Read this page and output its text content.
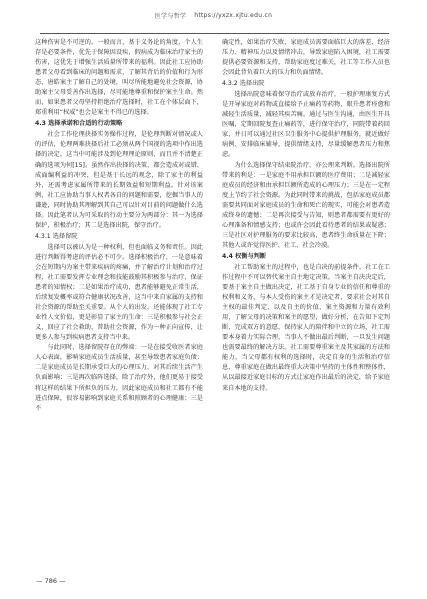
医学与哲学 https://yxzx.xjtu.edu.cn

这种伤害是不可逆的。一般而言，基于义务论的角度，个人生存是必要条件，优先于保障因设疾，假病成为临床治疗家主的伤害，这优先于增强生活质量所带来的福利。因此社工应协助患者父母看到临床的问题和需求，了解其背后的价值和行为形态，唐皓案主了解自己的处境，叫尽所能地避免社会资源，协助案主父母妥善作出选择，尽可能地尊重和保护案主生命。然而，如果患者父母坚持拒绝治疗选择时，社工在个体层面下，郑重利用“权威”也会是案主不得已的选择。

4.3 选择承诺和合适的行动策略

社会工作伦理抉择实务操作过程，是伦理判断对情况或人的评估，伦理两难抉择后社工必须从两个国视的选项中作出选择的决定。这当中可能涉及到伦理理论原则，而且并不清楚正确的选项为何[15]。虽然作出抉择的决策，都会造成对或错、成面编利益的冲突，但是基于长远的观念，除了家主的利益外，还需考虑家属所带来的长期效益和短期利益。针对该案例，社工应协助当事人权者各自的问题和需要，挖掘当事人的谦逊，同时协助其理解到其自己可以针对目前的问题做什么选择。因此笔者认为可采取的行动主要分为两部分：其一为选择保护，积极治疗；其二是选择出院，保守治疗。

4.3.1 选择留院

选择可以被认为是一种权利，但也面临义务和责任。因此进行判断得考虑的评估必不可少。选择积极治疗，一是意味着会在短期内为案主带来疾病的疼痛，并了解治疗计划和治疗过程，社工需要发挥专业理念和技能鼓励其积极参与治疗，保证患者的知情权；二是如果治疗成功，患者能够避免正常生活，后续复发概率或符合健康状况改善，这当中来自家属的支持和社会资源的帮助至关重要。从个人的出发，还能体现了社工专业性人文价值，更是彰显了家主的生命：三是积极参与社会正义，回应了社会救助、普助社会资源，作为一种正向宣传，让更多人参与到疾病患者支持当中来。

与此同时，选择留院存在的弊端：一是在接受收医者家庭人心表面，影响家庭成员生活质量，甚至导致患者家庭负债；二是家庭成员是长期承受巨大的心理压力，对其后续生活产生负面影响；三是再次临阵选择，除了治疗外，他们更易于接受将这样的结果下所担负的压力，因此家庭成员和社工都有不能进点保障，很容易影响到家庭关系和照顾者的心理健康；三是不

确定性，如果治疗失败，家庭成员需要面临巨大的落差、经济压力、精神压力以及情绪冲击，导致家庭陷入困境，社工需要提供必要资源和支持，帮助家庭度过难关，社工等工作人员也会因此背负着巨大的压力和负面情绪。

4.3.2 选择出院

选择出院意味着保守治疗或放弃治疗，一般护理康复方式是开导家庭对药物或直接给予止痛药等药物，眼升患者痊愈和减轻生活质量，减轻其疾苦痛。通过与医生沟通，由医生开具医嘱，定期回院复查止痛药等，进行保守治疗，同院带着药回家，并日可以通过社区卫生服务中心提供护理服务，就近做好病例、安排临床辅导，提供情绪支持，尽量缓解患者压力和焦虑。

为什么选择保守结束院治疗，亦公理来判断。选择出院所带来的利是：一是家庭不用承担巨额的医疗费用；二是减轻家庭成员的经济和由承担巨额所造成的心理压力；三是在一定程度上节约了社会资源。为此同时带来的挑战，包括家庭成员都需要共同面对家庭成员的生命和死亡的现实，可能会对患者造成终身的遗憾；二是再次接受与告知，则患者都需要有更好的心理准备和情感支持；也或许会因此看待患者的结果或疑惑；三是社区对护理服务的要求比较高，患者终生命质量在下降；其他人或许觉得医护、社工、社会冷漠。

4.4 权衡与判断

社工帮助案主的过程中，也是自决的前提条件。社工在工作过程中不可以替代案主自主地定决策。当案主自决决定后，要基于案主自主做出决定，社工基于自身专业的信任和尊重的权利和义务，与本人受伤的案主才是决定者，要求社会对其自主权的最佳判定，以及自主的价值，案主资源和力量有效利用，了解父母的决策和案主的愿望，做好分析，在告知下定判断，完成双方的意愿，保持家人的陪伴和中立的立场，社工需要本身着力实际合理，当事人不做出最后判断，一旦发生问题也需要最终的解决方法。社工需要尊重案主及其家属的方法和能力，当父母都有权利的选择时，决定自身的生活和治疗信息，尊重家庭在做出最终重大决策中坚持的主体性和整体性，从以最接近家庭目标的方式让家庭作出最后的决定，给予家庭来自本地的支持。

— 786 —
